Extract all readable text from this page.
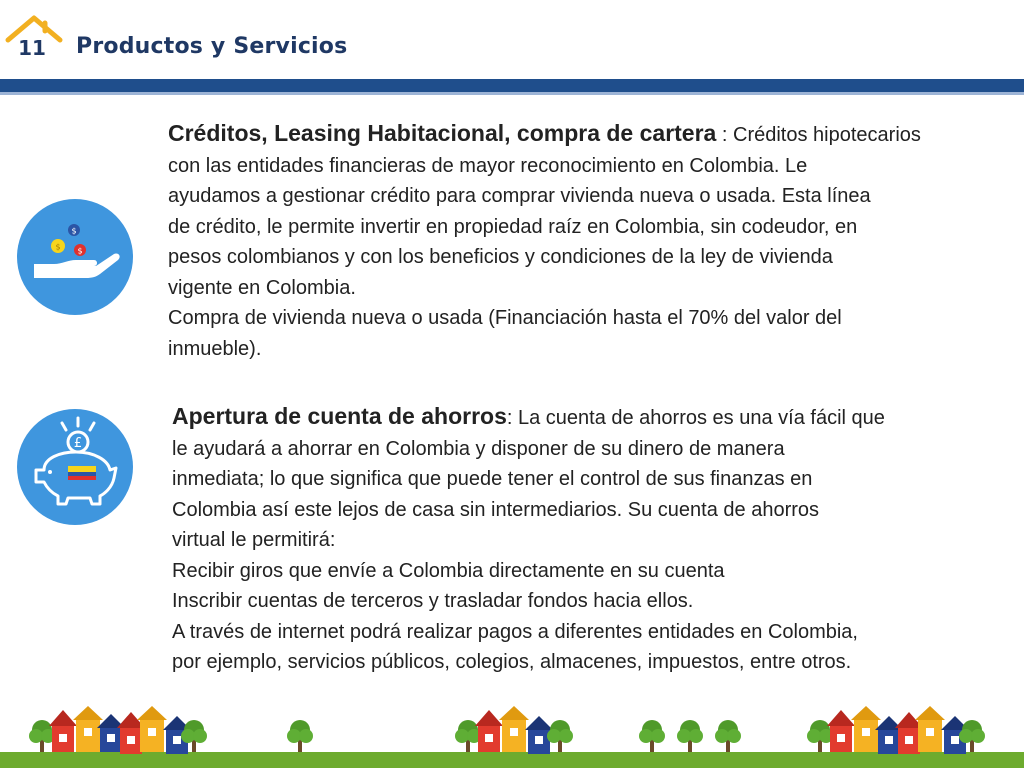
11 Productos y Servicios
$
$ $
Créditos, Leasing Habitacional, compra de cartera : Créditos hipotecarios
con las entidades financieras de mayor reconocimiento en Colombia. Le
ayudamos a gestionar crédito para comprar vivienda nueva o usada. Esta línea
de crédito, le permite invertir en propiedad raíz en Colombia, sin codeudor, en
pesos colombianos y con los beneficios y condiciones de la ley de vivienda
vigente en Colombia.
Compra de vivienda nueva o usada (Financiación hasta el 70% del valor del
inmueble).
£
Apertura de cuenta de ahorros: La cuenta de ahorros es una vía fácil que
le ayudará a ahorrar en Colombia y disponer de su dinero de manera
inmediata; lo que significa que puede tener el control de sus finanzas en
Colombia así este lejos de casa sin intermediarios. Su cuenta de ahorros
virtual le permitirá:
Recibir giros que envíe a Colombia directamente en su cuenta
Inscribir cuentas de terceros y trasladar fondos hacia ellos.
A través de internet podrá realizar pagos a diferentes entidades en Colombia,
por ejemplo, servicios públicos, colegios, almacenes, impuestos, entre otros.
